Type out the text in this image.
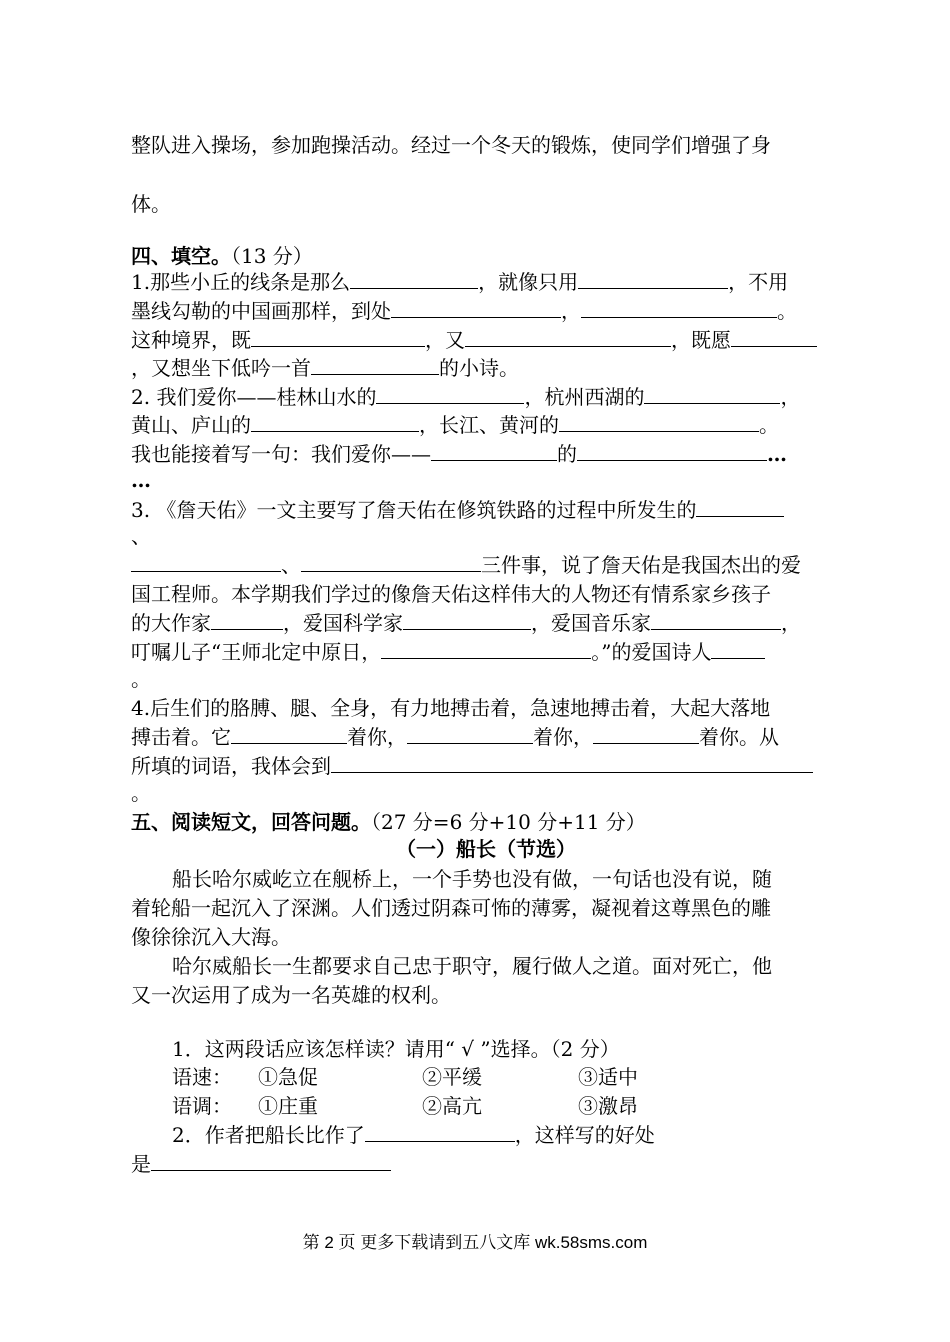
整队进入操场，参加跑操活动。经过一个冬天的锻炼，使同学们增强了身
体。
四、填空。（13 分）
1.那些小丘的线条是那么	，就像只用	，不用
墨线勾勒的中国画那样，到处	，	。
这种境界，既	，又	，既愿
，又想坐下低吟一首	的小诗。
2. 我们爱你——桂林山水的	，杭州西湖的	，
黄山、庐山的	，长江、黄河的	。
我也能接着写一句：我们爱你——	的	…
…
3. 《詹天佑》一文主要写了詹天佑在修筑铁路的过程中所发生的
、
、	三件事，说了詹天佑是我国杰出的爱
国工程师。本学期我们学过的像詹天佑这样伟大的人物还有情系家乡孩子
的大作家	，爱国科学家	，爱国音乐家	，
叮嘱儿子“王师北定中原日，	。”的爱国诗人
。
4.后生们的胳膊、腿、全身，有力地搏击着，急速地搏击着，大起大落地
搏击着。它	着你，	着你，	着你。从
所填的词语，我体会到
。
五、阅读短文，回答问题。（27 分=6 分+10 分+11 分）
（一）船长（节选）
船长哈尔威屹立在舰桥上，一个手势也没有做，一句话也没有说，随
着轮船一起沉入了深渊。人们透过阴森可怖的薄雾，凝视着这尊黑色的雕
像徐徐沉入大海。
哈尔威船长一生都要求自己忠于职守，履行做人之道。面对死亡，他
又一次运用了成为一名英雄的权利。
1．这两段话应该怎样读？请用“ √ ”选择。（2 分）
语速： ①急促	②平缓	③适中
语调： ①庄重	②高亢	③激昂
2．作者把船长比作了	，这样写的好处
是
第 2 页 更多下载请到五八文库 wk.58sms.com
